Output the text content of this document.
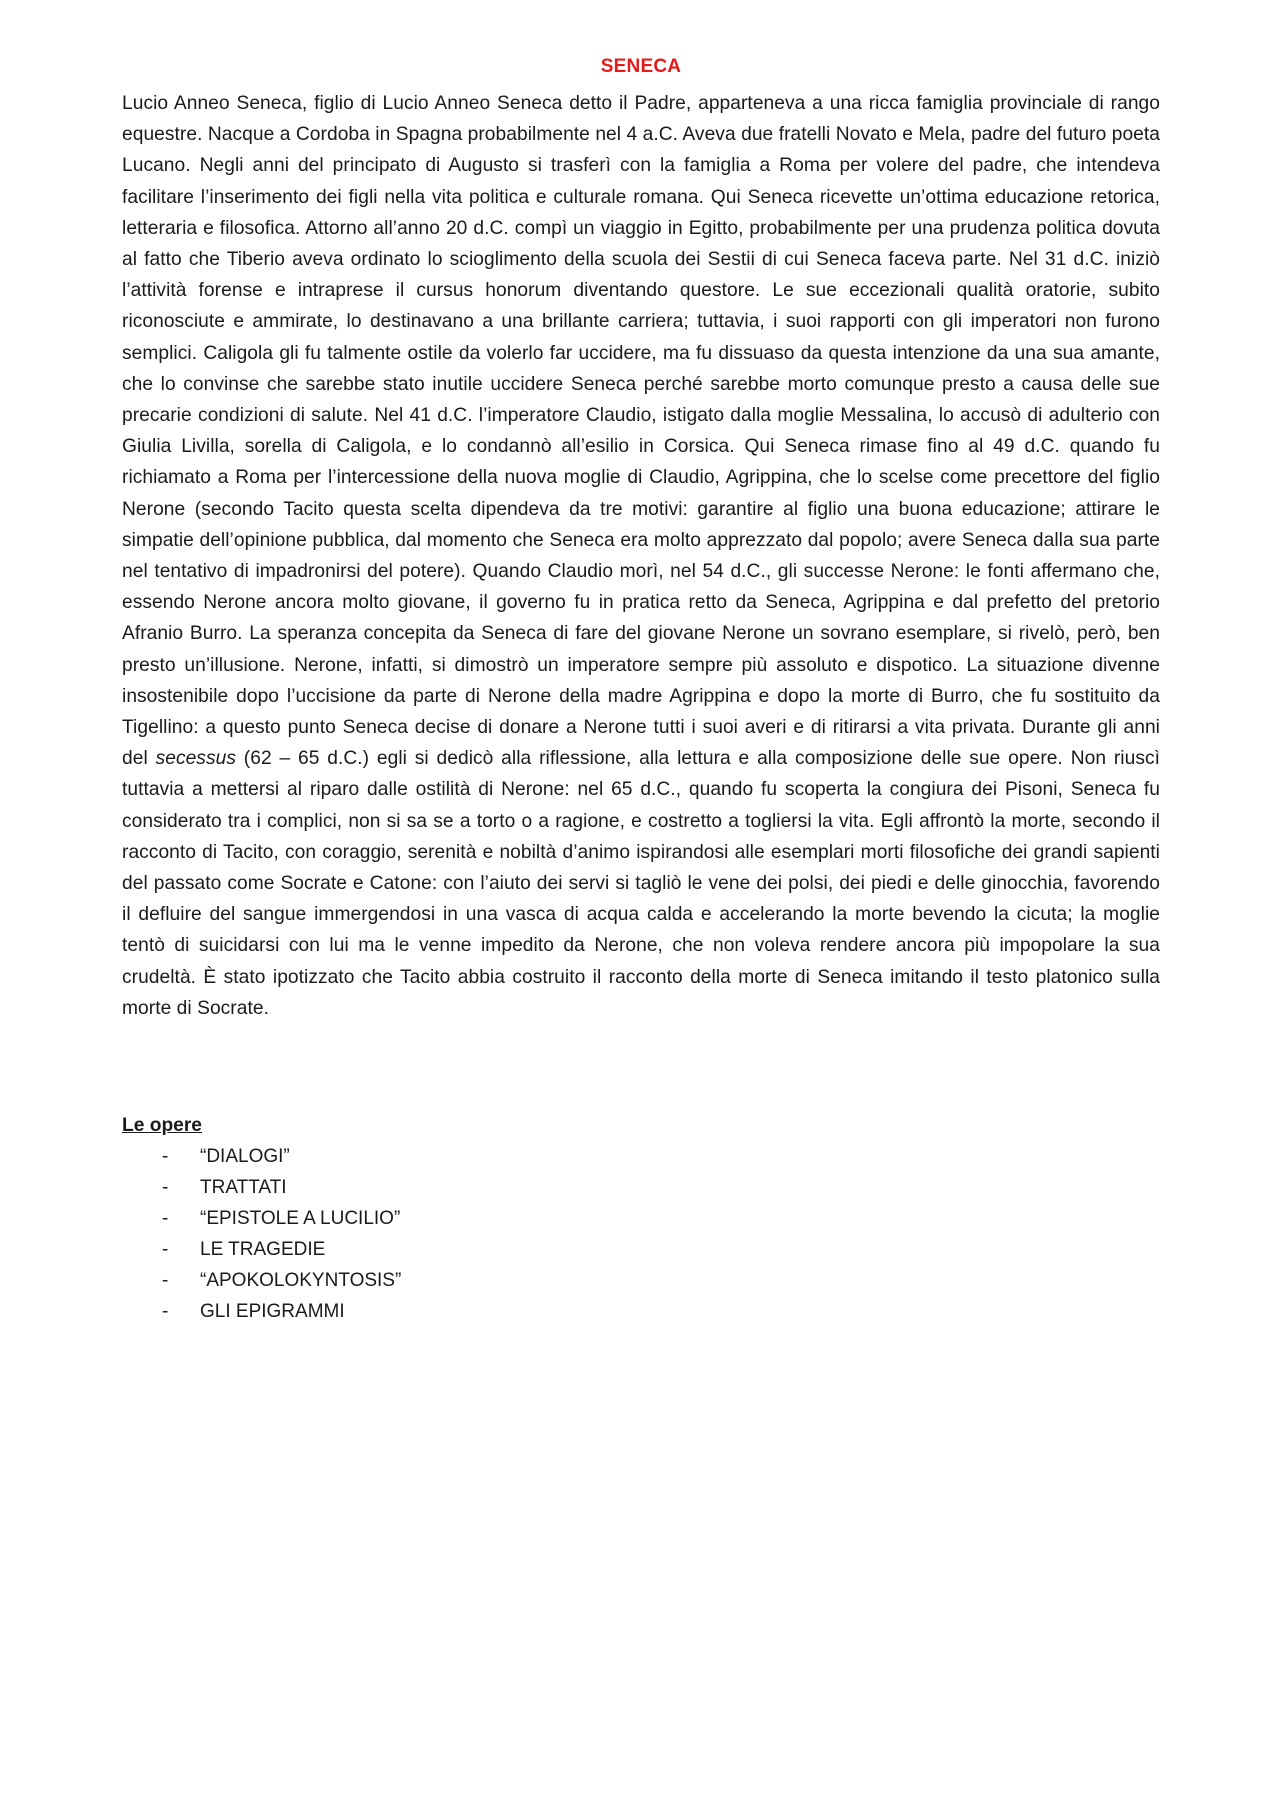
SENECA

Lucio Anneo Seneca, figlio di Lucio Anneo Seneca detto il Padre, apparteneva a una ricca famiglia provinciale di rango equestre. Nacque a Cordoba in Spagna probabilmente nel 4 a.C. Aveva due fratelli Novato e Mela, padre del futuro poeta Lucano. Negli anni del principato di Augusto si trasferì con la famiglia a Roma per volere del padre, che intendeva facilitare l’inserimento dei figli nella vita politica e culturale romana. Qui Seneca ricevette un’ottima educazione retorica, letteraria e filosofica. Attorno all’anno 20 d.C. compì un viaggio in Egitto, probabilmente per una prudenza politica dovuta al fatto che Tiberio aveva ordinato lo scioglimento della scuola dei Sestii di cui Seneca faceva parte. Nel 31 d.C. iniziò l’attività forense e intraprese il cursus honorum diventando questore. Le sue eccezionali qualità oratorie, subito riconosciute e ammirate, lo destinavano a una brillante carriera; tuttavia, i suoi rapporti con gli imperatori non furono semplici. Caligola gli fu talmente ostile da volerlo far uccidere, ma fu dissuaso da questa intenzione da una sua amante, che lo convinse che sarebbe stato inutile uccidere Seneca perché sarebbe morto comunque presto a causa delle sue precarie condizioni di salute. Nel 41 d.C. l’imperatore Claudio, istigato dalla moglie Messalina, lo accusò di adulterio con Giulia Livilla, sorella di Caligola, e lo condannò all’esilio in Corsica. Qui Seneca rimase fino al 49 d.C. quando fu richiamato a Roma per l’intercessione della nuova moglie di Claudio, Agrippina, che lo scelse come precettore del figlio Nerone (secondo Tacito questa scelta dipendeva da tre motivi: garantire al figlio una buona educazione; attirare le simpatie dell’opinione pubblica, dal momento che Seneca era molto apprezzato dal popolo; avere Seneca dalla sua parte nel tentativo di impadronirsi del potere). Quando Claudio morì, nel 54 d.C., gli successe Nerone: le fonti affermano che, essendo Nerone ancora molto giovane, il governo fu in pratica retto da Seneca, Agrippina e dal prefetto del pretorio Afranio Burro. La speranza concepita da Seneca di fare del giovane Nerone un sovrano esemplare, si rivelò, però, ben presto un’illusione. Nerone, infatti, si dimostrò un imperatore sempre più assoluto e dispotico. La situazione divenne insostenibile dopo l’uccisione da parte di Nerone della madre Agrippina e dopo la morte di Burro, che fu sostituito da Tigellino: a questo punto Seneca decise di donare a Nerone tutti i suoi averi e di ritirarsi a vita privata. Durante gli anni del secessus (62 – 65 d.C.) egli si dedicò alla riflessione, alla lettura e alla composizione delle sue opere. Non riuscì tuttavia a mettersi al riparo dalle ostilità di Nerone: nel 65 d.C., quando fu scoperta la congiura dei Pisoni, Seneca fu considerato tra i complici, non si sa se a torto o a ragione, e costretto a togliersi la vita. Egli affrontò la morte, secondo il racconto di Tacito, con coraggio, serenità e nobiltà d’animo ispirandosi alle esemplari morti filosofiche dei grandi sapienti del passato come Socrate e Catone: con l’aiuto dei servi si tagliò le vene dei polsi, dei piedi e delle ginocchia, favorendo il defluire del sangue immergendosi in una vasca di acqua calda e accelerando la morte bevendo la cicuta; la moglie tentò di suicidarsi con lui ma le venne impedito da Nerone, che non voleva rendere ancora più impopolare la sua crudeltà. È stato ipotizzato che Tacito abbia costruito il racconto della morte di Seneca imitando il testo platonico sulla morte di Socrate.

Le opere
- “DIALOGI”
- TRATTATI
- “EPISTOLE A LUCILIO”
- LE TRAGEDIE
- “APOKOLOKYNTOSIS”
- GLI EPIGRAMMI
